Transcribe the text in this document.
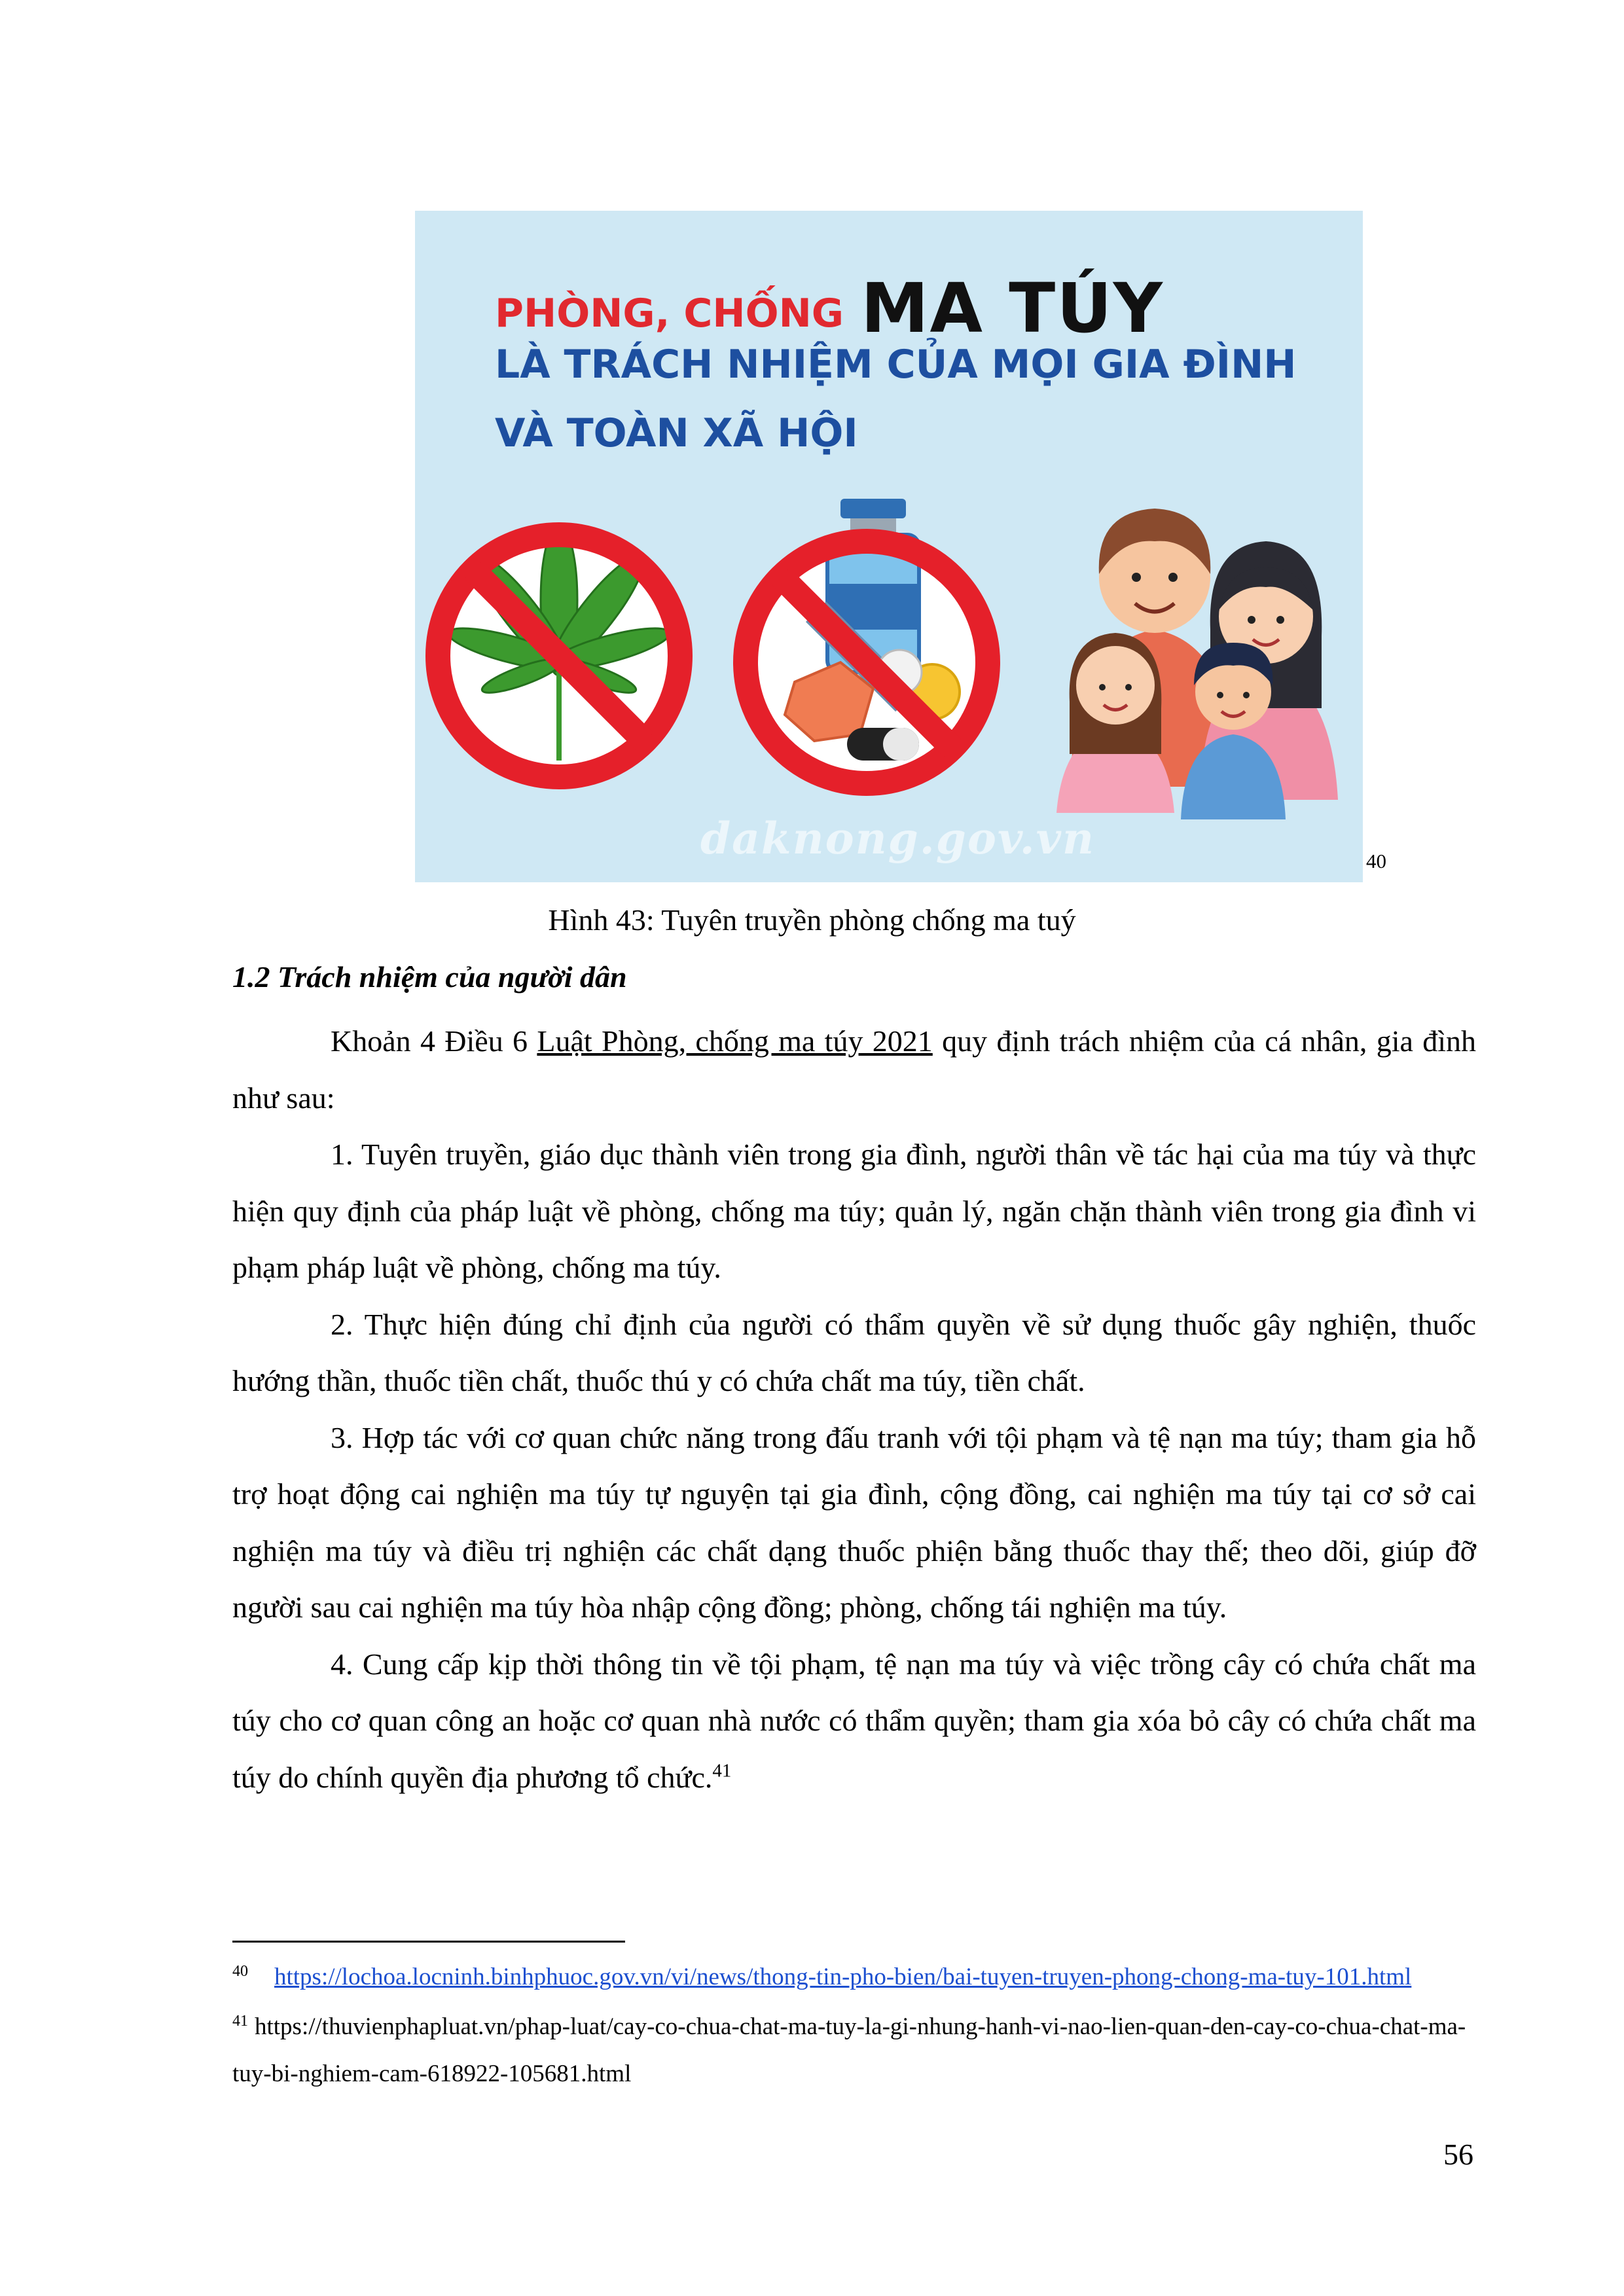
PHÒNG, CHỐNG MA TÚY
LÀ TRÁCH NHIỆM CỦA MỌI GIA ĐÌNH
VÀ TOÀN XÃ HỘI
daknong.gov.vn	40
Hình 43: Tuyên truyền phòng chống ma tuý
1.2 Trách nhiệm của người dân

Khoản 4 Điều 6 Luật Phòng, chống ma túy 2021 quy định trách nhiệm của cá nhân, gia đình như sau:

1. Tuyên truyền, giáo dục thành viên trong gia đình, người thân về tác hại của ma túy và thực hiện quy định của pháp luật về phòng, chống ma túy; quản lý, ngăn chặn thành viên trong gia đình vi phạm pháp luật về phòng, chống ma túy.

2. Thực hiện đúng chỉ định của người có thẩm quyền về sử dụng thuốc gây nghiện, thuốc hướng thần, thuốc tiền chất, thuốc thú y có chứa chất ma túy, tiền chất.

3. Hợp tác với cơ quan chức năng trong đấu tranh với tội phạm và tệ nạn ma túy; tham gia hỗ trợ hoạt động cai nghiện ma túy tự nguyện tại gia đình, cộng đồng, cai nghiện ma túy tại cơ sở cai nghiện ma túy và điều trị nghiện các chất dạng thuốc phiện bằng thuốc thay thế; theo dõi, giúp đỡ người sau cai nghiện ma túy hòa nhập cộng đồng; phòng, chống tái nghiện ma túy.

4. Cung cấp kịp thời thông tin về tội phạm, tệ nạn ma túy và việc trồng cây có chứa chất ma túy cho cơ quan công an hoặc cơ quan nhà nước có thẩm quyền; tham gia xóa bỏ cây có chứa chất ma túy do chính quyền địa phương tổ chức.$^{41}$

$^{40}$ https://lochoa.locninh.binhphuoc.gov.vn/vi/news/thong-tin-pho-bien/bai-tuyen-truyen-phong-chong-ma-tuy-101.html

$^{41}$ https://thuvienphapluat.vn/phap-luat/cay-co-chua-chat-ma-tuy-la-gi-nhung-hanh-vi-nao-lien-quan-den-cay-co-chua-chat-ma-tuy-bi-nghiem-cam-618922-105681.html

56
